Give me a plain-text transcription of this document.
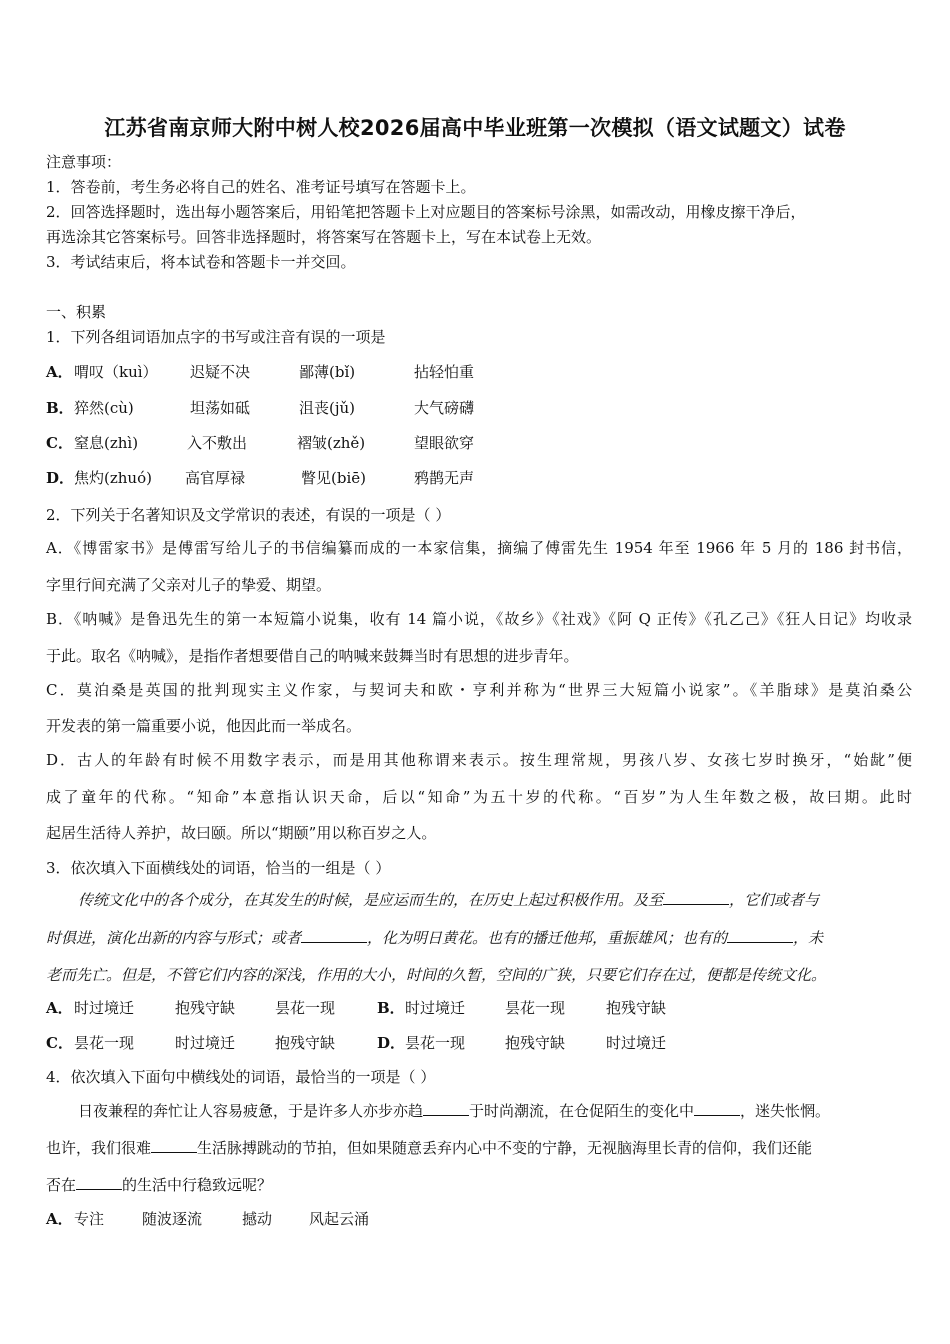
江苏省南京师大附中树人校2026届高中毕业班第一次模拟（语文试题文）试卷
注意事项：
1．答卷前，考生务必将自己的姓名、准考证号填写在答题卡上。
2．回答选择题时，选出每小题答案后，用铅笔把答题卡上对应题目的答案标号涂黑，如需改动，用橡皮擦干净后，
再选涂其它答案标号。回答非选择题时，将答案写在答题卡上，写在本试卷上无效。
3．考试结束后，将本试卷和答题卡一并交回。
一、积累
1．下列各组词语加点字的书写或注音有误的一项是
A． 喟叹（kuì） 迟疑不决	鄙薄(bǐ)	拈轻怕重
B． 猝然(cù)	坦荡如砥	沮丧(jǔ)	大气磅礴
C． 窒息(zhì)	入不敷出	褶皱(zhě)	望眼欲穿
D． 焦灼(zhuó) 高官厚禄	瞥见(biē)	鸦鹊无声
2．下列关于名著知识及文学常识的表述，有误的一项是（ ）
A．《博雷家书》是傅雷写给儿子的书信编纂而成的一本家信集，摘编了傅雷先生 1954 年至 1966 年 5 月的 186 封书信，
字里行间充满了父亲对儿子的挚爱、期望。
B．《呐喊》是鲁迅先生的第一本短篇小说集，收有 14 篇小说，《故乡》《社戏》《阿 Q 正传》《孔乙己》《狂人日记》均收录
于此。取名《呐喊》，是指作者想要借自己的呐喊来鼓舞当时有思想的进步青年。
C．莫泊桑是英国的批判现实主义作家，与契诃夫和欧・亨利并称为“世界三大短篇小说家”。《羊脂球》是莫泊桑公
开发表的第一篇重要小说，他因此而一举成名。
D．古人的年龄有时候不用数字表示，而是用其他称谓来表示。按生理常规，男孩八岁、女孩七岁时换牙，“始龀”便
成了童年的代称。“知命”本意指认识天命，后以“知命”为五十岁的代称。“百岁”为人生年数之极，故曰期。此时
起居生活待人养护，故曰颐。所以“期颐”用以称百岁之人。
3．依次填入下面横线处的词语，恰当的一组是（ ）
传统文化中的各个成分，在其发生的时候，是应运而生的，在历史上起过积极作用。及至	，它们或者与
时俱进，演化出新的内容与形式；或者	，化为明日黄花。也有的播迁他邦，重振雄风；也有的	，未
老而先亡。但是，不管它们内容的深浅，作用的大小，时间的久暂，空间的广狭，只要它们存在过，便都是传统文化。
A． 时过境迁	抱残守缺	昙花一现	B． 时过境迁	昙花一现	抱残守缺
C． 昙花一现	时过境迁	抱残守缺	D． 昙花一现	抱残守缺	时过境迁
4．依次填入下面句中横线处的词语，最恰当的一项是（ ）
日夜兼程的奔忙让人容易疲惫，于是许多人亦步亦趋	于时尚潮流，在仓促陌生的变化中	，迷失怅惘。
也许，我们很难	生活脉搏跳动的节拍，但如果随意丢弃内心中不变的宁静，无视脑海里长青的信仰，我们还能
否在	的生活中行稳致远呢？
A． 专注	随波逐流	撼动 风起云涌
